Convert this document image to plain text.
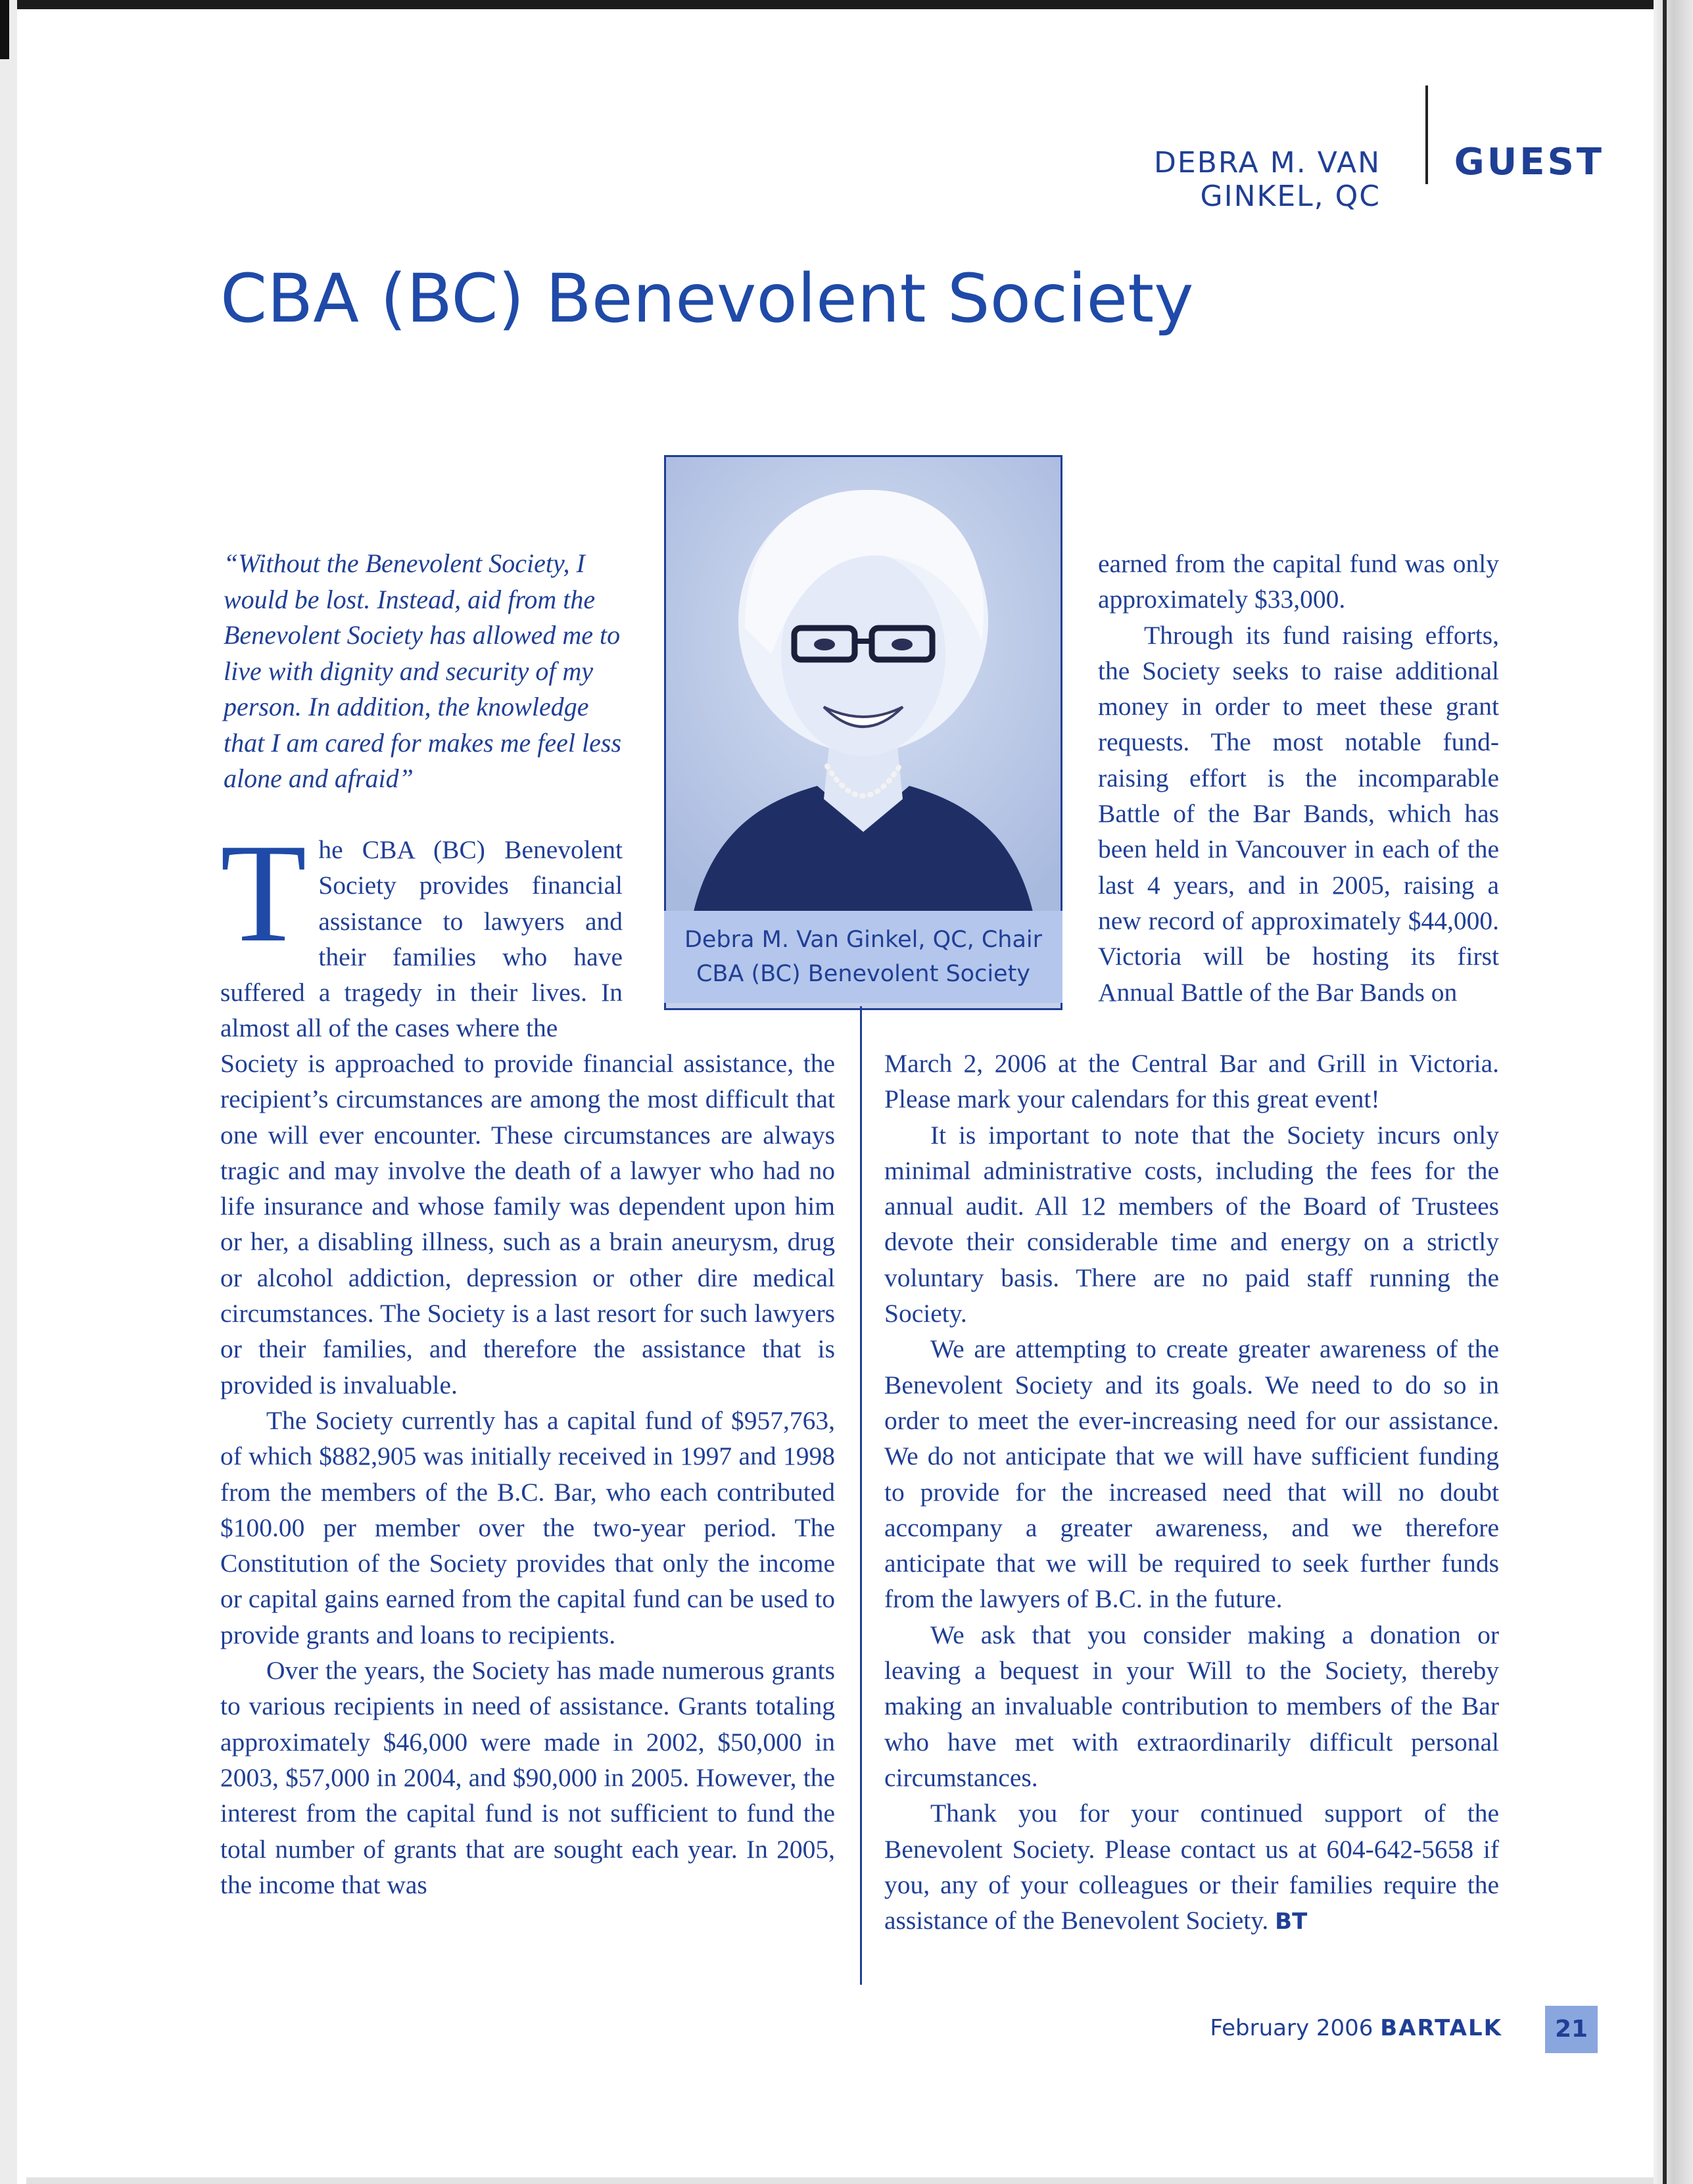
DEBRA M. VAN GINKEL, QC
GUEST
CBA (BC) Benevolent Society
“Without the Benevolent Society, I would be lost. Instead, aid from the Benevolent Society has allowed me to live with dignity and security of my person. In addition, the knowledge that I am cared for makes me feel less alone and afraid”
Debra M. Van Ginkel, QC, Chair
CBA (BC) Benevolent Society
T he CBA (BC) Benevolent
Society provides financial
assistance to lawyers and
their families who have
suffered a tragedy in their lives. In
almost all of the cases where the

Society is approached to provide financial assistance, the recipient’s circumstances are among the most difficult that one will ever encounter. These circumstances are always tragic and may involve the death of a lawyer who had no life insurance and whose family was dependent upon him or her, a disabling illness, such as a brain aneurysm, drug or alcohol addiction, depression or other dire medical circumstances. The Society is a last resort for such lawyers or their families, and therefore the assistance that is provided is invaluable.

The Society currently has a capital fund of $957,763, of which $882,905 was initially received in 1997 and 1998 from the members of the B.C. Bar, who each contributed $100.00 per member over the two-year period. The Constitution of the Society provides that only the income or capital gains earned from the capital fund can be used to provide grants and loans to recipients.

Over the years, the Society has made numerous grants to various recipients in need of assistance. Grants totaling approximately $46,000 were made in 2002, $50,000 in 2003, $57,000 in 2004, and $90,000 in 2005. However, the interest from the capital fund is not sufficient to fund the total number of grants that are sought each year. In 2005, the income that was

earned from the capital fund was only approximately $33,000.

Through its fund raising efforts, the Society seeks to raise additional money in order to meet these grant requests. The most notable fund-raising effort is the incomparable Battle of the Bar Bands, which has been held in Vancouver in each of the last 4 years, and in 2005, raising a new record of approximately $44,000. Victoria will be hosting its first Annual Battle of the Bar Bands on

March 2, 2006 at the Central Bar and Grill in Victoria. Please mark your calendars for this great event!

It is important to note that the Society incurs only minimal administrative costs, including the fees for the annual audit. All 12 members of the Board of Trustees devote their considerable time and energy on a strictly voluntary basis. There are no paid staff running the Society.

We are attempting to create greater awareness of the Benevolent Society and its goals. We need to do so in order to meet the ever-increasing need for our assistance. We do not anticipate that we will have sufficient funding to provide for the increased need that will no doubt accompany a greater awareness, and we therefore anticipate that we will be required to seek further funds from the lawyers of B.C. in the future.

We ask that you consider making a donation or leaving a bequest in your Will to the Society, thereby making an invaluable contribution to members of the Bar who have met with extraordinarily difficult personal circumstances.

Thank you for your continued support of the Benevolent Society. Please contact us at 604-642-5658 if you, any of your colleagues or their families require the assistance of the Benevolent Society. BT

February 2006 BARTALK	21
